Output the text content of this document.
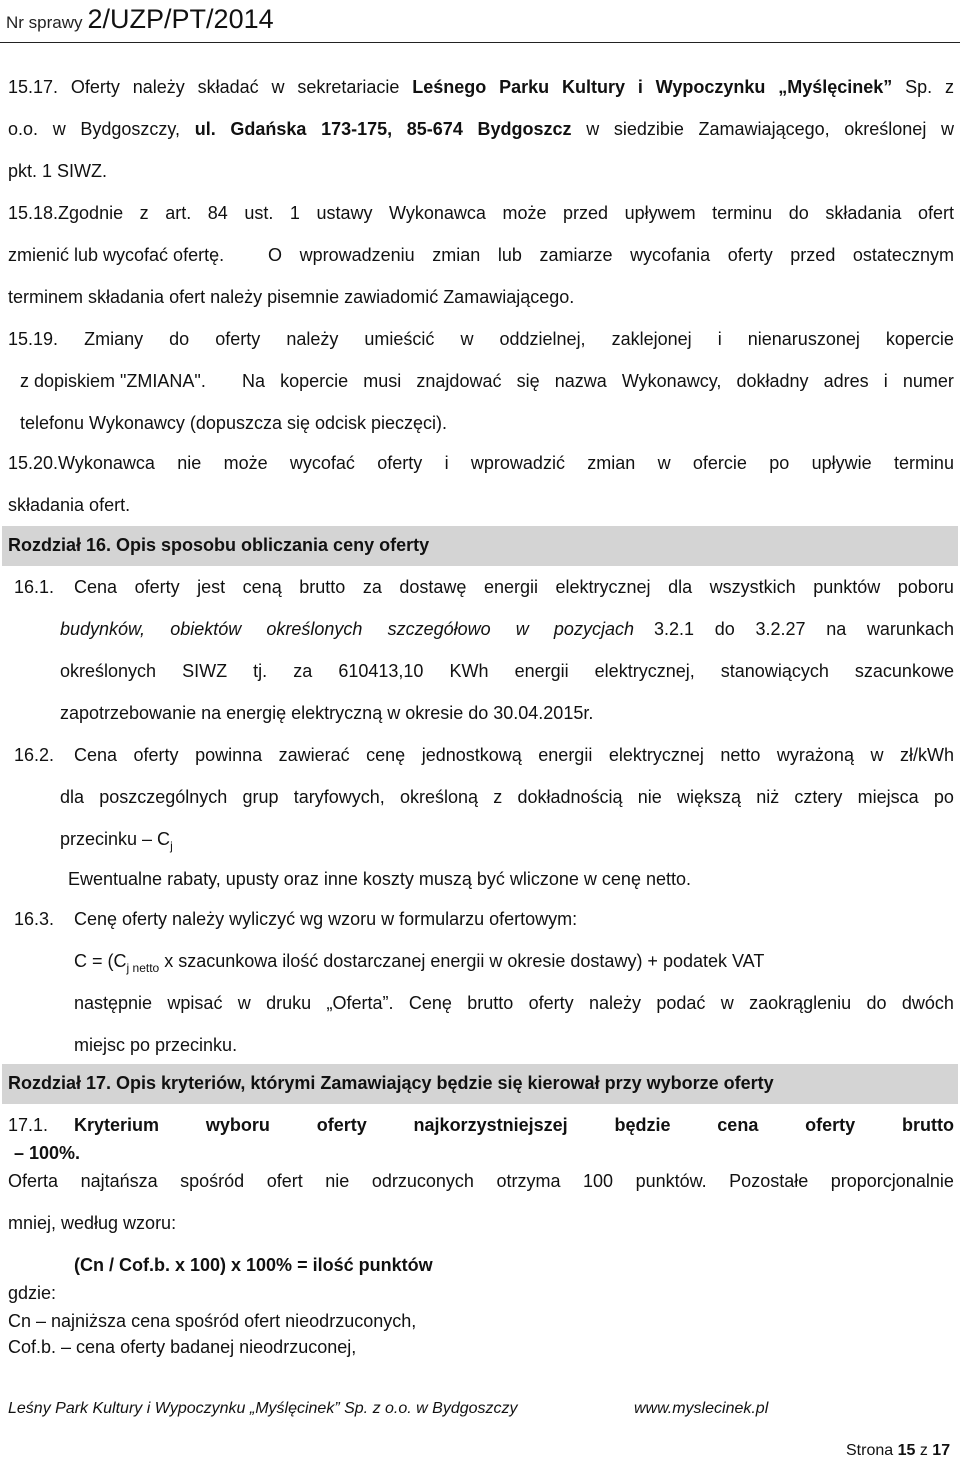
Nr sprawy 2/UZP/PT/2014
15.17. Oferty należy składać w sekretariacie Leśnego Parku Kultury i Wypoczynku „Myślęcinek” Sp. z
o.o. w Bydgoszczy, ul. Gdańska 173-175, 85-674 Bydgoszcz w siedzibie Zamawiającego, określonej w
pkt. 1 SIWZ.
15.18.Zgodnie z art. 84 ust. 1 ustawy Wykonawca może przed upływem terminu do składania ofert
zmienić lub wycofać ofertę. O wprowadzeniu zmian lub zamiarze wycofania oferty przed ostatecznym
terminem składania ofert należy pisemnie zawiadomić Zamawiającego.
15.19. Zmiany do oferty należy umieścić w oddzielnej, zaklejonej i nienaruszonej kopercie
z dopiskiem "ZMIANA". Na kopercie musi znajdować się nazwa Wykonawcy, dokładny adres i numer
telefonu Wykonawcy (dopuszcza się odcisk pieczęci).
15.20.Wykonawca nie może wycofać oferty i wprowadzić zmian w ofercie po upływie terminu
składania ofert.
Rozdział 16. Opis sposobu obliczania ceny oferty
16.1. Cena oferty jest ceną brutto za dostawę energii elektrycznej dla wszystkich punktów poboru
budynków, obiektów określonych szczegółowo w pozycjach 3.2.1 do 3.2.27 na warunkach
określonych SIWZ tj. za 610413,10 KWh energii elektrycznej, stanowiących szacunkowe
zapotrzebowanie na energię elektryczną w okresie do 30.04.2015r.
16.2. Cena oferty powinna zawierać cenę jednostkową energii elektrycznej netto wyrażoną w zł/kWh
dla poszczególnych grup taryfowych, określoną z dokładnością nie większą niż cztery miejsca po
przecinku – $C_j$
Ewentualne rabaty, upusty oraz inne koszty muszą być wliczone w cenę netto.
16.3. Cenę oferty należy wyliczyć wg wzoru w formularzu ofertowym:
$C = (C_{j netto}$ x szacunkowa ilość dostarczanej energii w okresie dostawy) + podatek VAT
następnie wpisać w druku „Oferta”. Cenę brutto oferty należy podać w zaokrągleniu do dwóch
miejsc po przecinku.
Rozdział 17. Opis kryteriów, którymi Zamawiający będzie się kierował przy wyborze oferty
17.1. Kryterium	wyboru	oferty	najkorzystniejszej	będzie	cena	oferty	brutto
– 100%.
Oferta najtańsza spośród ofert nie odrzuconych otrzyma 100 punktów. Pozostałe proporcjonalnie
mniej, według wzoru:
(Cn / Cof.b. x 100) x 100% = ilość punktów
gdzie:
Cn – najniższa cena spośród ofert nieodrzuconych,
Cof.b. – cena oferty badanej nieodrzuconej,
Leśny Park Kultury i Wypoczynku „Myślęcinek” Sp. z o.o. w Bydgoszczy	www.myslecinek.pl
Strona 15 z 17
